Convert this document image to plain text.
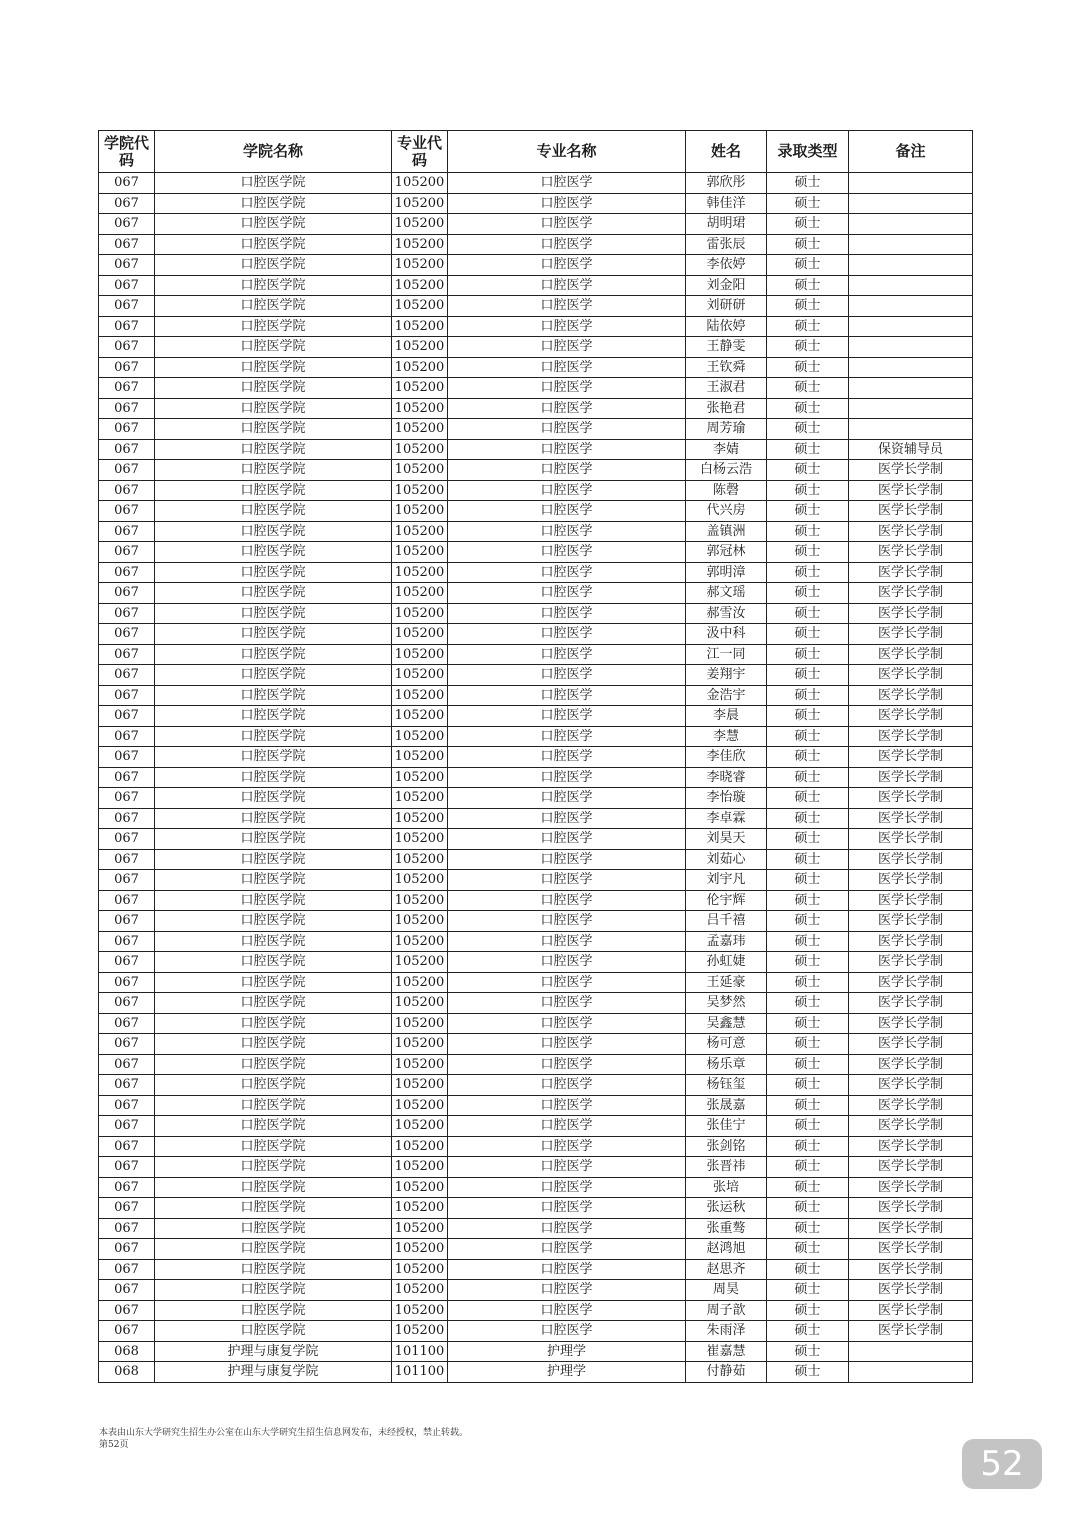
学院代码	学院名称	专业代码	专业名称	姓名	录取类型	备注
067	口腔医学院	105200	口腔医学	郭欣彤	硕士	
067	口腔医学院	105200	口腔医学	韩佳洋	硕士	
067	口腔医学院	105200	口腔医学	胡明珺	硕士	
067	口腔医学院	105200	口腔医学	雷张辰	硕士	
067	口腔医学院	105200	口腔医学	李依婷	硕士	
067	口腔医学院	105200	口腔医学	刘金阳	硕士	
067	口腔医学院	105200	口腔医学	刘研研	硕士	
067	口腔医学院	105200	口腔医学	陆依婷	硕士	
067	口腔医学院	105200	口腔医学	王静雯	硕士	
067	口腔医学院	105200	口腔医学	王钦舜	硕士	
067	口腔医学院	105200	口腔医学	王淑君	硕士	
067	口腔医学院	105200	口腔医学	张艳君	硕士	
067	口腔医学院	105200	口腔医学	周芳瑜	硕士	
067	口腔医学院	105200	口腔医学	李婧	硕士	保资辅导员
067	口腔医学院	105200	口腔医学	白杨云浩	硕士	医学长学制
067	口腔医学院	105200	口腔医学	陈磬	硕士	医学长学制
067	口腔医学院	105200	口腔医学	代兴房	硕士	医学长学制
067	口腔医学院	105200	口腔医学	盖镇洲	硕士	医学长学制
067	口腔医学院	105200	口腔医学	郭冠林	硕士	医学长学制
067	口腔医学院	105200	口腔医学	郭明漳	硕士	医学长学制
067	口腔医学院	105200	口腔医学	郝文瑶	硕士	医学长学制
067	口腔医学院	105200	口腔医学	郝雪汝	硕士	医学长学制
067	口腔医学院	105200	口腔医学	汲中科	硕士	医学长学制
067	口腔医学院	105200	口腔医学	江一同	硕士	医学长学制
067	口腔医学院	105200	口腔医学	姜翔宇	硕士	医学长学制
067	口腔医学院	105200	口腔医学	金浩宇	硕士	医学长学制
067	口腔医学院	105200	口腔医学	李晨	硕士	医学长学制
067	口腔医学院	105200	口腔医学	李慧	硕士	医学长学制
067	口腔医学院	105200	口腔医学	李佳欣	硕士	医学长学制
067	口腔医学院	105200	口腔医学	李晓睿	硕士	医学长学制
067	口腔医学院	105200	口腔医学	李怡璇	硕士	医学长学制
067	口腔医学院	105200	口腔医学	李卓霖	硕士	医学长学制
067	口腔医学院	105200	口腔医学	刘昊天	硕士	医学长学制
067	口腔医学院	105200	口腔医学	刘茹心	硕士	医学长学制
067	口腔医学院	105200	口腔医学	刘宇凡	硕士	医学长学制
067	口腔医学院	105200	口腔医学	伦宇辉	硕士	医学长学制
067	口腔医学院	105200	口腔医学	吕千禧	硕士	医学长学制
067	口腔医学院	105200	口腔医学	孟嘉玮	硕士	医学长学制
067	口腔医学院	105200	口腔医学	孙虹婕	硕士	医学长学制
067	口腔医学院	105200	口腔医学	王延豪	硕士	医学长学制
067	口腔医学院	105200	口腔医学	吴梦然	硕士	医学长学制
067	口腔医学院	105200	口腔医学	吴鑫慧	硕士	医学长学制
067	口腔医学院	105200	口腔医学	杨可意	硕士	医学长学制
067	口腔医学院	105200	口腔医学	杨乐章	硕士	医学长学制
067	口腔医学院	105200	口腔医学	杨钰玺	硕士	医学长学制
067	口腔医学院	105200	口腔医学	张晟嘉	硕士	医学长学制
067	口腔医学院	105200	口腔医学	张佳宁	硕士	医学长学制
067	口腔医学院	105200	口腔医学	张剑铭	硕士	医学长学制
067	口腔医学院	105200	口腔医学	张晋祎	硕士	医学长学制
067	口腔医学院	105200	口腔医学	张培	硕士	医学长学制
067	口腔医学院	105200	口腔医学	张运秋	硕士	医学长学制
067	口腔医学院	105200	口腔医学	张重骜	硕士	医学长学制
067	口腔医学院	105200	口腔医学	赵鸿旭	硕士	医学长学制
067	口腔医学院	105200	口腔医学	赵思齐	硕士	医学长学制
067	口腔医学院	105200	口腔医学	周昊	硕士	医学长学制
067	口腔医学院	105200	口腔医学	周子歆	硕士	医学长学制
067	口腔医学院	105200	口腔医学	朱雨泽	硕士	医学长学制
068	护理与康复学院	101100	护理学	崔嘉慧	硕士	
068	护理与康复学院	101100	护理学	付静茹	硕士	
本表由山东大学研究生招生办公室在山东大学研究生招生信息网发布，未经授权，禁止转载。
第52页	52
